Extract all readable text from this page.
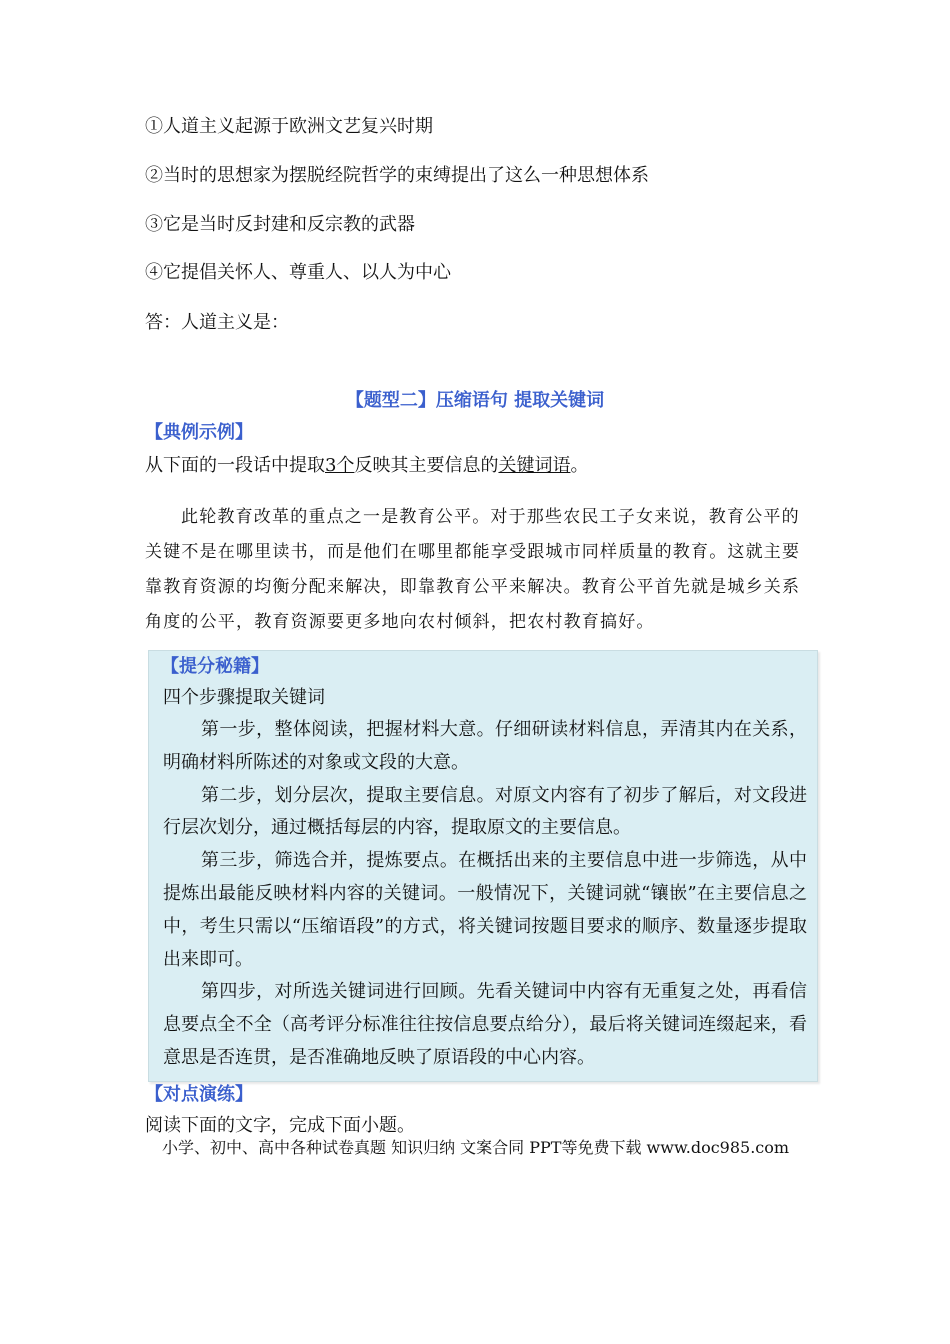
①人道主义起源于欧洲文艺复兴时期
②当时的思想家为摆脱经院哲学的束缚提出了这么一种思想体系
③它是当时反封建和反宗教的武器
④它提倡关怀人、尊重人、以人为中心
答：人道主义是：
【题型二】压缩语句 提取关键词
【典例示例】
从下面的一段话中提取3个反映其主要信息的关键词语。
此轮教育改革的重点之一是教育公平。对于那些农民工子女来说，教育公平的关键不是在哪里读书，而是他们在哪里都能享受跟城市同样质量的教育。这就主要靠教育资源的均衡分配来解决，即靠教育公平来解决。教育公平首先就是城乡关系角度的公平，教育资源要更多地向农村倾斜，把农村教育搞好。
【提分秘籍】
四个步骤提取关键词

第一步，整体阅读，把握材料大意。仔细研读材料信息，弄清其内在关系，明确材料所陈述的对象或文段的大意。

第二步，划分层次，提取主要信息。对原文内容有了初步了解后，对文段进行层次划分，通过概括每层的内容，提取原文的主要信息。

第三步，筛选合并，提炼要点。在概括出来的主要信息中进一步筛选，从中提炼出最能反映材料内容的关键词。一般情况下，关键词就“镶嵌”在主要信息之中，考生只需以“压缩语段”的方式，将关键词按题目要求的顺序、数量逐步提取出来即可。

第四步，对所选关键词进行回顾。先看关键词中内容有无重复之处，再看信息要点全不全（高考评分标准往往按信息要点给分），最后将关键词连缀起来，看意思是否连贯，是否准确地反映了原语段的中心内容。

【对点演练】
阅读下面的文字，完成下面小题。
小学、初中、高中各种试卷真题 知识归纳 文案合同 PPT等免费下载 www.doc985.com
